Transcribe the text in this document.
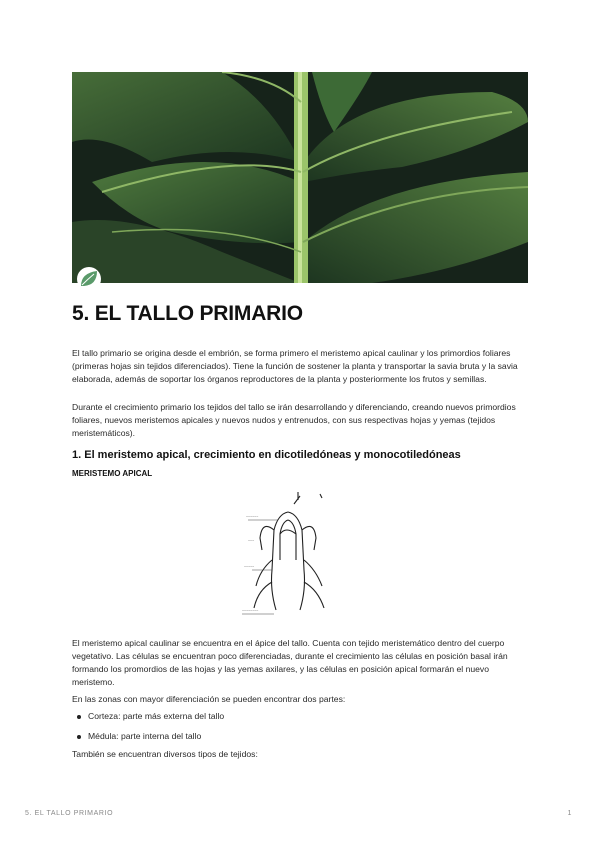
5. EL TALLO PRIMARIO

El tallo primario se origina desde el embrión, se forma primero el meristemo apical caulinar y los primordios foliares (primeras hojas sin tejidos diferenciados). Tiene la función de sostener la planta y transportar la savia bruta y la savia elaborada, además de soportar los órganos reproductores de la planta y posteriormente los frutos y semillas.

Durante el crecimiento primario los tejidos del tallo se irán desarrollando y diferenciando, creando nuevos primordios foliares, nuevos meristemos apicales y nuevos nudos y entrenudos, con sus respectivas hojas y yemas (tejidos meristemáticos).

1. El meristemo apical, crecimiento en dicotiledóneas y monocotiledóneas
MERISTEMO APICAL
~~~~~~
~~~
~~~~~
~~~~~~~~

El meristemo apical caulinar se encuentra en el ápice del tallo. Cuenta con tejido meristemático dentro del cuerpo vegetativo. Las células se encuentran poco diferenciadas, durante el crecimiento las células en posición basal irán formando los promordios de las hojas y las yemas axilares, y las células en posición apical formarán el nuevo meristemo.

En las zonas con mayor diferenciación se pueden encontrar dos partes:

Corteza: parte más externa del tallo
Médula: parte interna del tallo

También se encuentran diversos tipos de tejidos:

5. EL TALLO PRIMARIO	1
